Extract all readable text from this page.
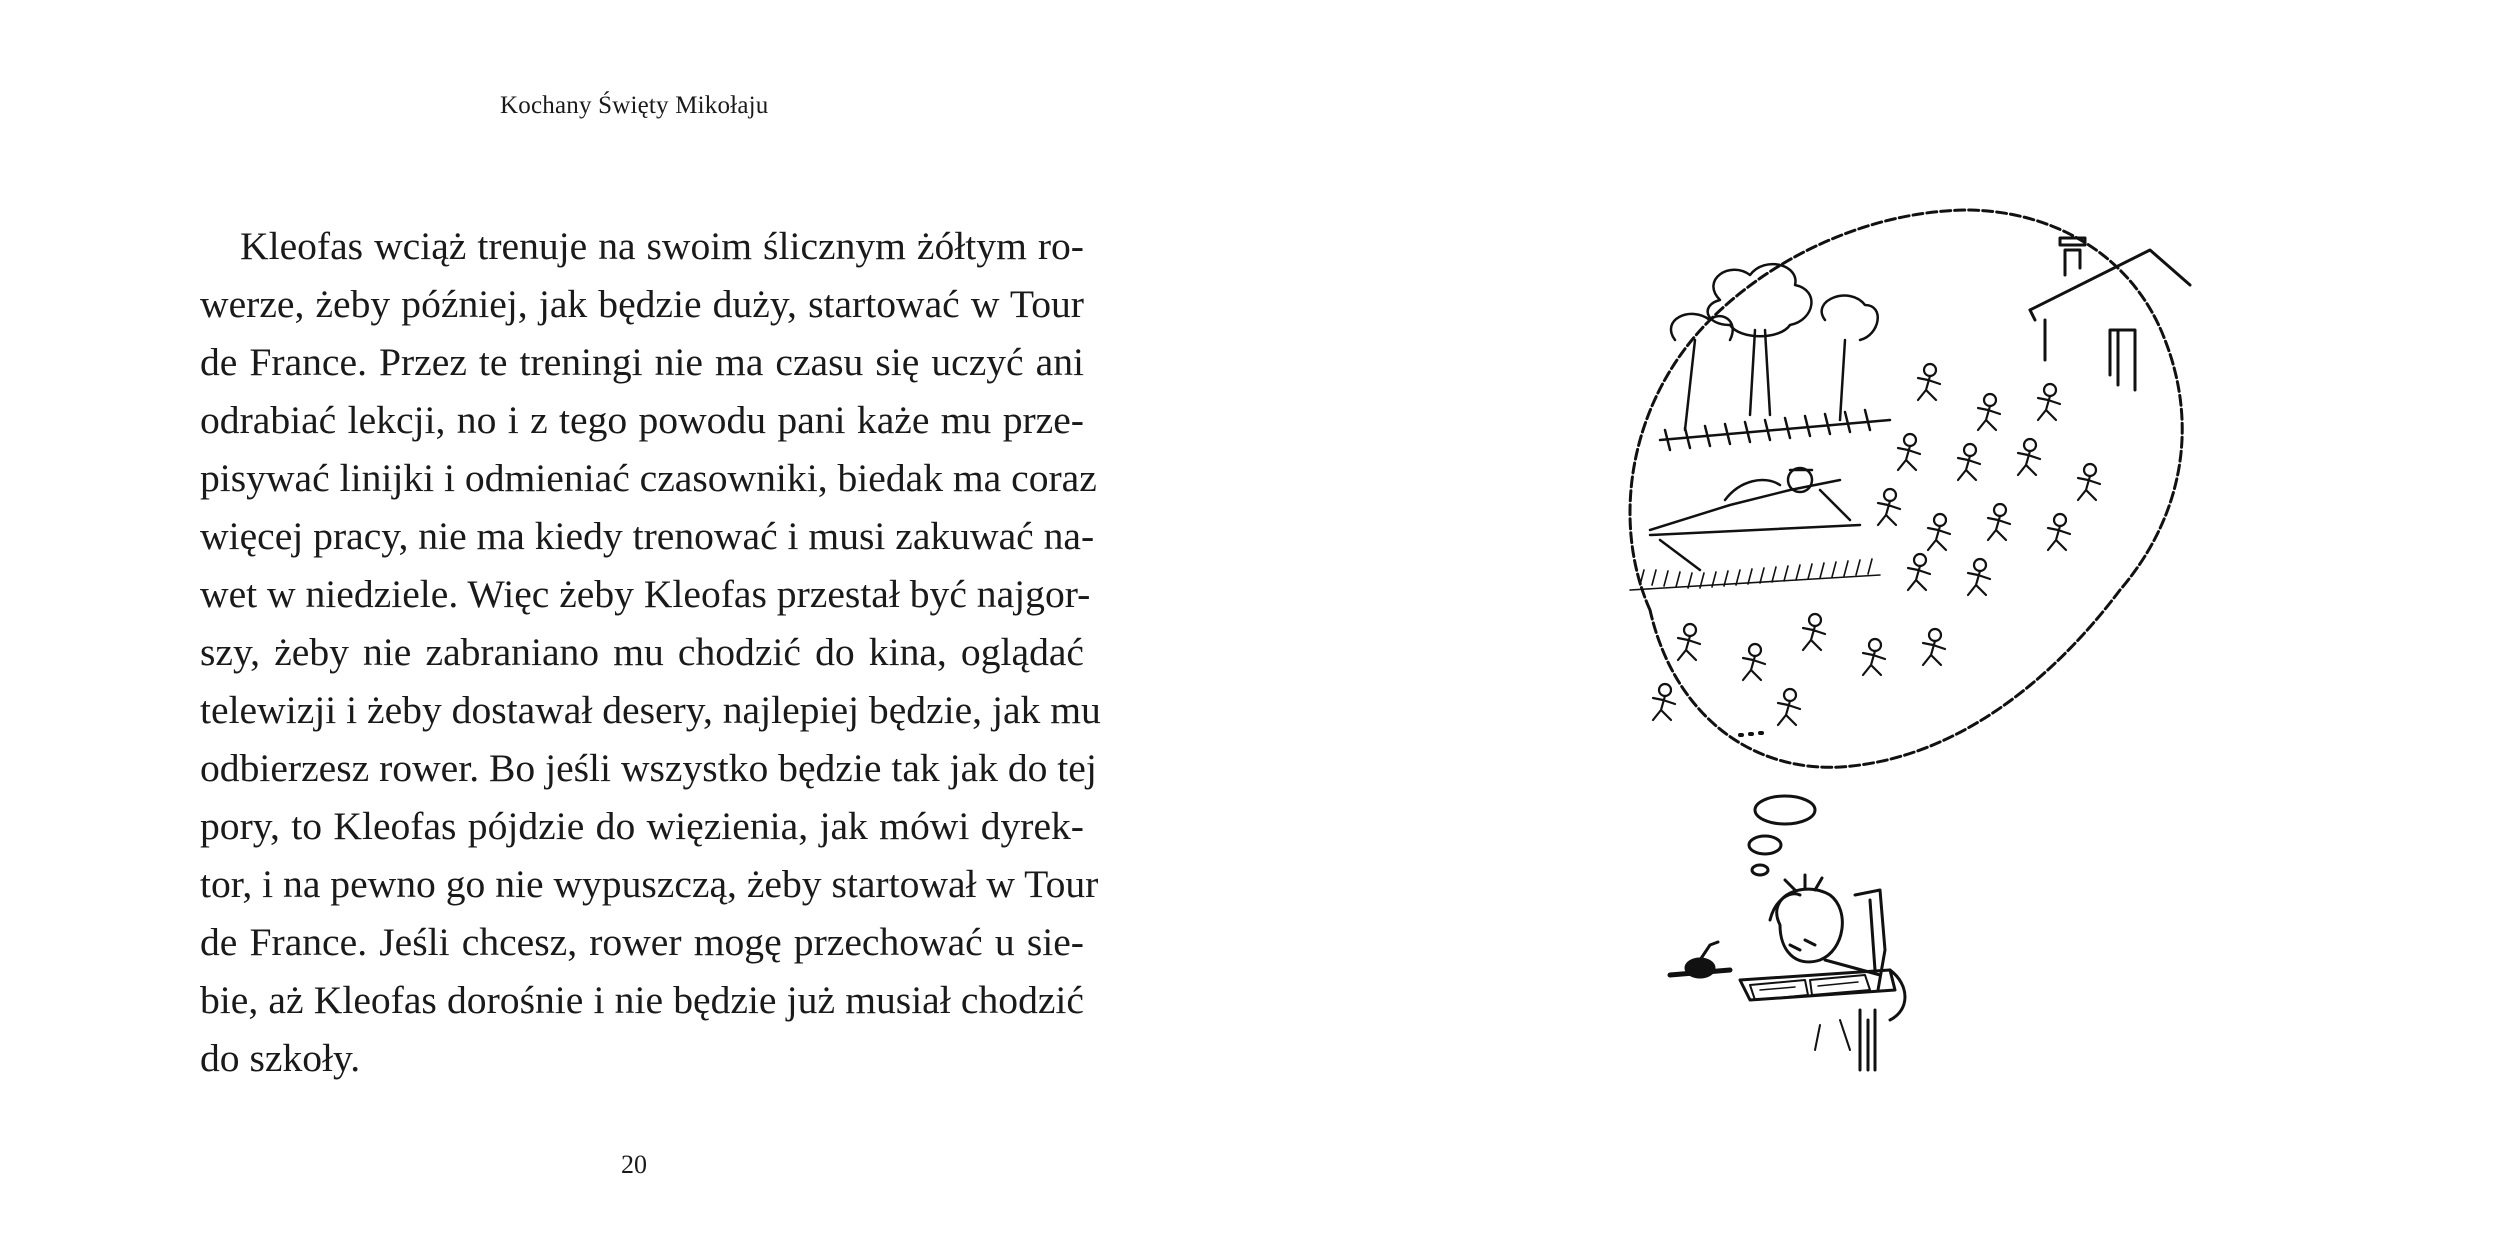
Kochany Święty Mikołaju
Kleofas wciąż trenuje na swoim ślicznym żółtym ro-
werze, żeby później, jak będzie duży, startować w Tour
de France. Przez te treningi nie ma czasu się uczyć ani
odrabiać lekcji, no i z tego powodu pani każe mu prze-
pisywać linijki i odmieniać czasowniki, biedak ma coraz
więcej pracy, nie ma kiedy trenować i musi zakuwać na-
wet w niedziele. Więc żeby Kleofas przestał być najgor-
szy, żeby nie zabraniano mu chodzić do kina, oglądać
telewizji i żeby dostawał desery, najlepiej będzie, jak mu
odbierzesz rower. Bo jeśli wszystko będzie tak jak do tej
pory, to Kleofas pójdzie do więzienia, jak mówi dyrek-
tor, i na pewno go nie wypuszczą, żeby startował w Tour
de France. Jeśli chcesz, rower mogę przechować u sie-
bie, aż Kleofas dorośnie i nie będzie już musiał chodzić
do szkoły.
20
